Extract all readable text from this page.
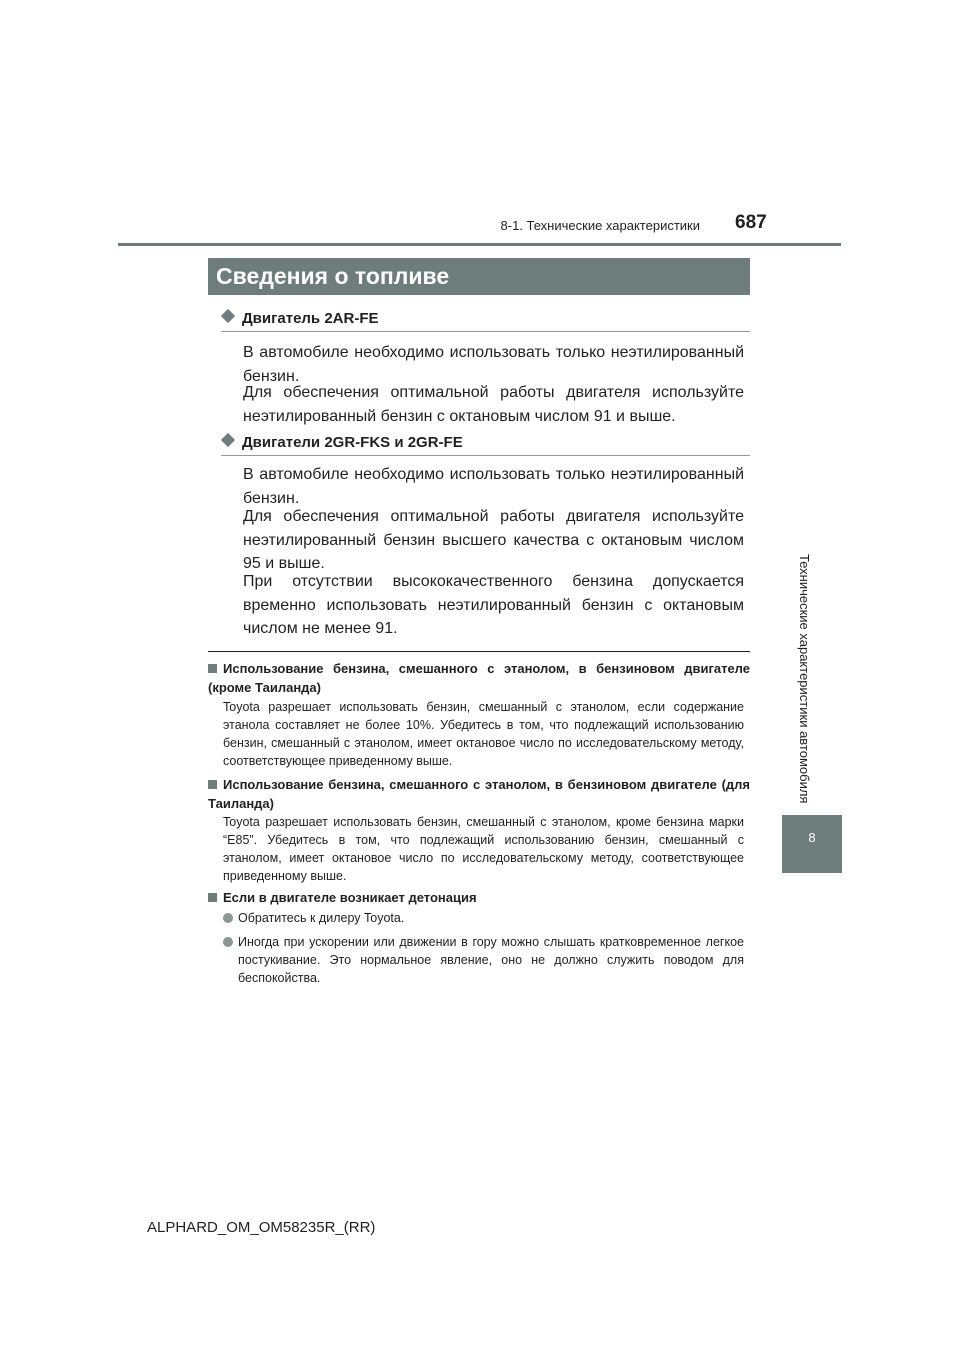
8-1. Технические характеристики 687
Сведения о топливе
Технические характеристики автомобиля
8
Двигатель 2AR-FE

В автомобиле необходимо использовать только неэтилированный бензин.

Для обеспечения оптимальной работы двигателя используйте неэтилированный бензин с октановым числом 91 и выше.

Двигатели 2GR-FKS и 2GR-FE

В автомобиле необходимо использовать только неэтилированный бензин.

Для обеспечения оптимальной работы двигателя используйте неэтилированный бензин высшего качества с октановым числом 95 и выше.

При отсутствии высококачественного бензина допускается временно использовать неэтилированный бензин с октановым числом не менее 91.

Использование бензина, смешанного с этанолом, в бензиновом двигателе (кроме Таиланда)

Toyota разрешает использовать бензин, смешанный с этанолом, если содержание этанола составляет не более 10%. Убедитесь в том, что подлежащий использованию бензин, смешанный с этанолом, имеет октановое число по исследовательскому методу, соответствующее приведенному выше.

Использование бензина, смешанного с этанолом, в бензиновом двигателе (для Таиланда)

Toyota разрешает использовать бензин, смешанный с этанолом, кроме бензина марки “E85”. Убедитесь в том, что подлежащий использованию бензин, смешанный с этанолом, имеет октановое число по исследовательскому методу, соответствующее приведенному выше.

Если в двигателе возникает детонация
Обратитесь к дилеру Toyota.
Иногда при ускорении или движении в гору можно слышать кратковременное легкое постукивание. Это нормальное явление, оно не должно служить поводом для беспокойства.
ALPHARD_OM_OM58235R_(RR)
